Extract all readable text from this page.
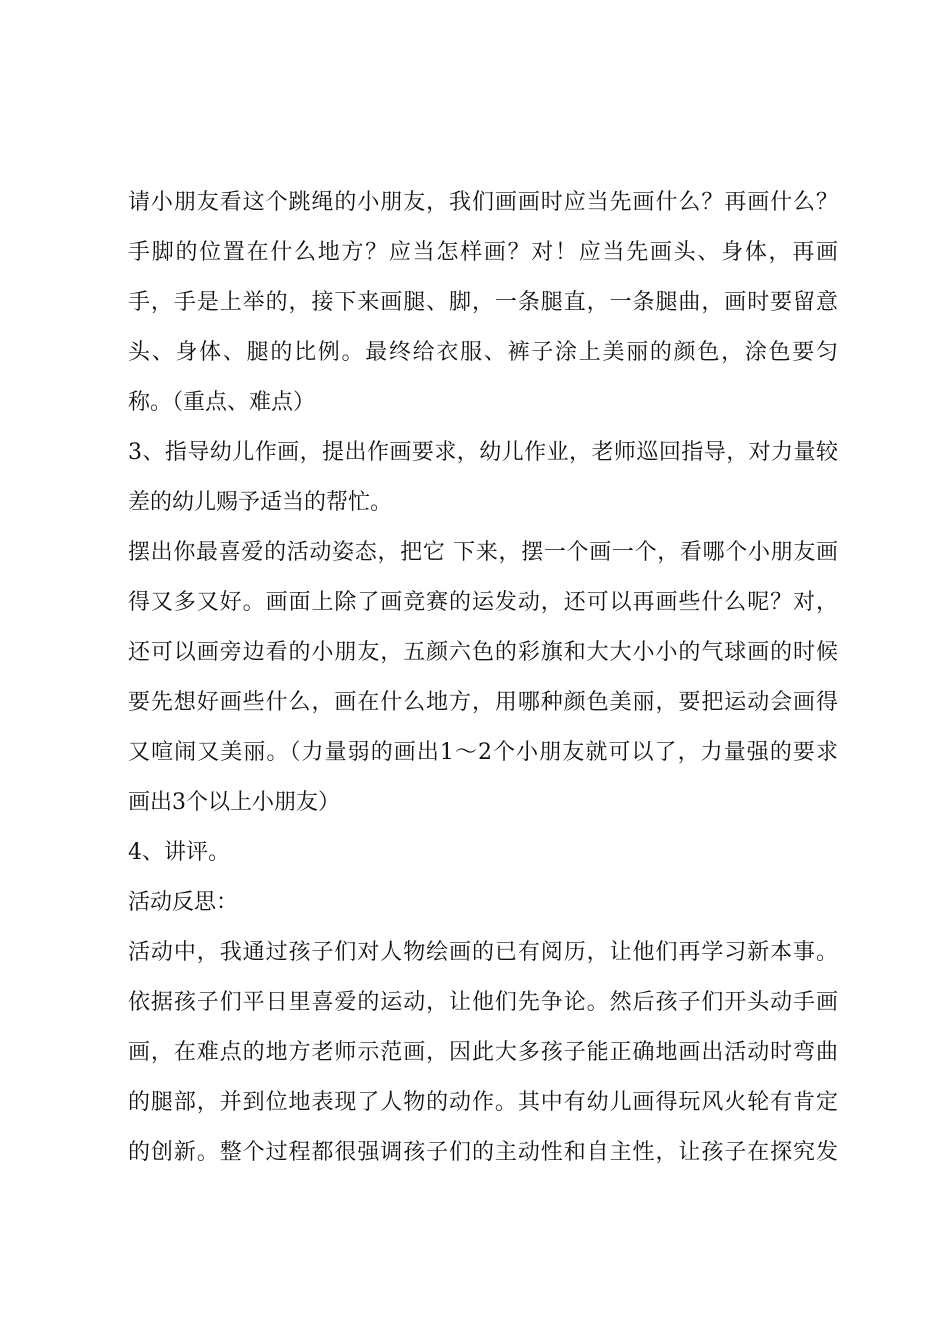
请小朋友看这个跳绳的小朋友，我们画画时应当先画什么？再画什么？
手脚的位置在什么地方？应当怎样画？对！应当先画头、身体，再画
手，手是上举的，接下来画腿、脚，一条腿直，一条腿曲，画时要留意
头、身体、腿的比例。最终给衣服、裤子涂上美丽的颜色，涂色要匀
称。（重点、难点）
3、指导幼儿作画，提出作画要求，幼儿作业，老师巡回指导，对力量较
差的幼儿赐予适当的帮忙。
摆出你最喜爱的活动姿态，把它 下来，摆一个画一个，看哪个小朋友画
得又多又好。画面上除了画竞赛的运发动，还可以再画些什么呢？对，
还可以画旁边看的小朋友，五颜六色的彩旗和大大小小的气球画的时候
要先想好画些什么，画在什么地方，用哪种颜色美丽，要把运动会画得
又喧闹又美丽。（力量弱的画出1～2个小朋友就可以了，力量强的要求
画出3个以上小朋友）
4、讲评。
活动反思：
活动中，我通过孩子们对人物绘画的已有阅历，让他们再学习新本事。
依据孩子们平日里喜爱的运动，让他们先争论。然后孩子们开头动手画
画，在难点的地方老师示范画，因此大多孩子能正确地画出活动时弯曲
的腿部，并到位地表现了人物的动作。其中有幼儿画得玩风火轮有肯定
的创新。整个过程都很强调孩子们的主动性和自主性，让孩子在探究发
